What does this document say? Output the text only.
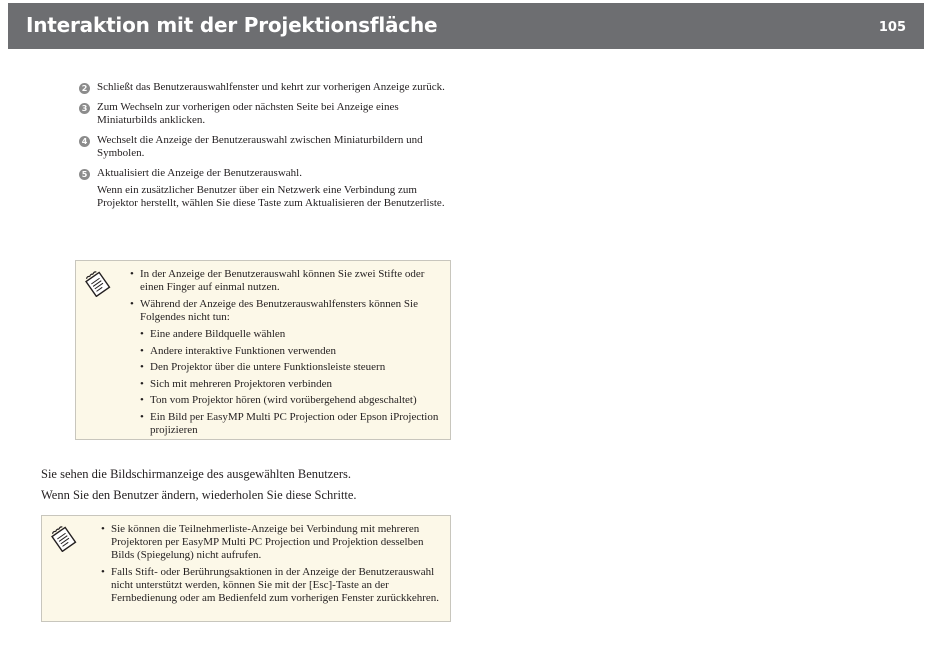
Interaktion mit der Projektionsfläche	105
2 Schließt das Benutzerauswahlfenster und kehrt zur vorherigen Anzeige zurück.
3 Zum Wechseln zur vorherigen oder nächsten Seite bei Anzeige eines Miniaturbilds anklicken.
4 Wechselt die Anzeige der Benutzerauswahl zwischen Miniaturbildern und Symbolen.
5 Aktualisiert die Anzeige der Benutzerauswahl.
Wenn ein zusätzlicher Benutzer über ein Netzwerk eine Verbindung zum Projektor herstellt, wählen Sie diese Taste zum Aktualisieren der Benutzerliste.
• In der Anzeige der Benutzerauswahl können Sie zwei Stifte oder einen Finger auf einmal nutzen.
• Während der Anzeige des Benutzerauswahlfensters können Sie Folgendes nicht tun:
• Eine andere Bildquelle wählen
• Andere interaktive Funktionen verwenden
• Den Projektor über die untere Funktionsleiste steuern
• Sich mit mehreren Projektoren verbinden
• Ton vom Projektor hören (wird vorübergehend abgeschaltet)
• Ein Bild per EasyMP Multi PC Projection oder Epson iProjection projizieren
Sie sehen die Bildschirmanzeige des ausgewählten Benutzers.
Wenn Sie den Benutzer ändern, wiederholen Sie diese Schritte.
• Sie können die Teilnehmerliste-Anzeige bei Verbindung mit mehreren Projektoren per EasyMP Multi PC Projection und Projektion desselben Bilds (Spiegelung) nicht aufrufen.
• Falls Stift- oder Berührungsaktionen in der Anzeige der Benutzerauswahl nicht unterstützt werden, können Sie mit der [Esc]-Taste an der Fernbedienung oder am Bedienfeld zum vorherigen Fenster zurückkehren.
